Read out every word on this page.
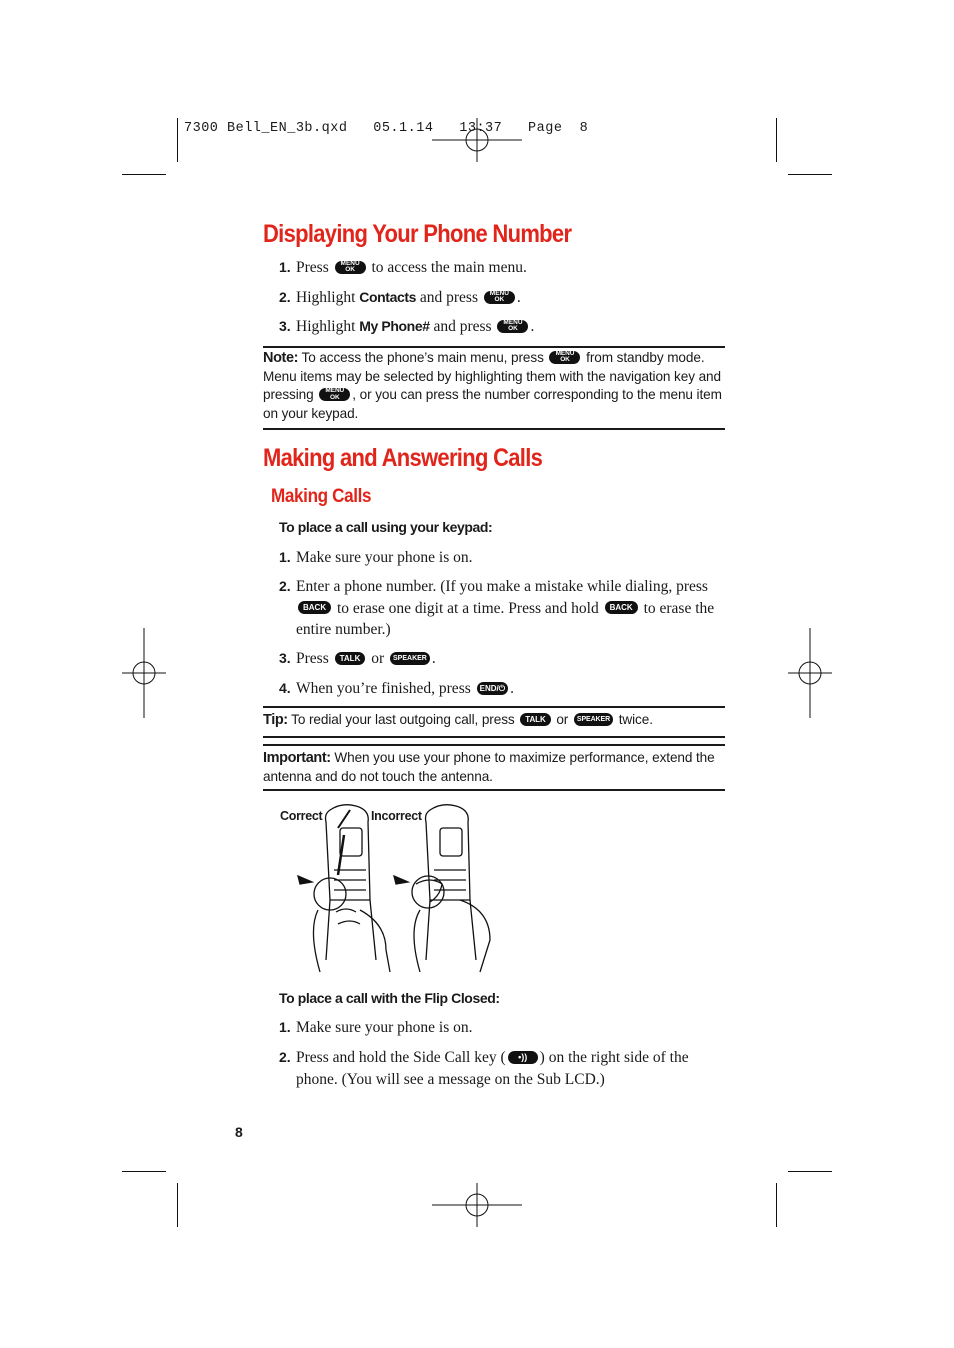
7300 Bell_EN_3b.qxd   05.1.14   13:37   Page  8
Displaying Your Phone Number
1. Press	MENU
OK	to access the main menu.
2. Highlight Contacts and press	MENU
OK .
3. Highlight My Phone# and press	MENU
OK .
Note: To access the phone’s main menu, press	MENU
OK	from standby mode. Menu items may be selected by highlighting them with the navigation key and pressing	MENU
OK , or you can press the number corresponding to the menu item on your keypad.
Making and Answering Calls
Making Calls
To place a call using your keypad:
1. Make sure your phone is on.
2. Enter a phone number. (If you make a mistake while dialing, press BACK to erase one digit at a time. Press and hold BACK to erase the entire number.)
3. Press TALK or SPEAKER .
4. When you’re finished, press END/⏻ .
Tip: To redial your last outgoing call, press TALK or SPEAKER twice.
Important: When you use your phone to maximize performance, extend the antenna and do not touch the antenna.
Correct	Incorrect
To place a call with the Flip Closed:
1. Make sure your phone is on.
2. Press and hold the Side Call key ( •)) ) on the right side of the phone. (You will see a message on the Sub LCD.)
8
